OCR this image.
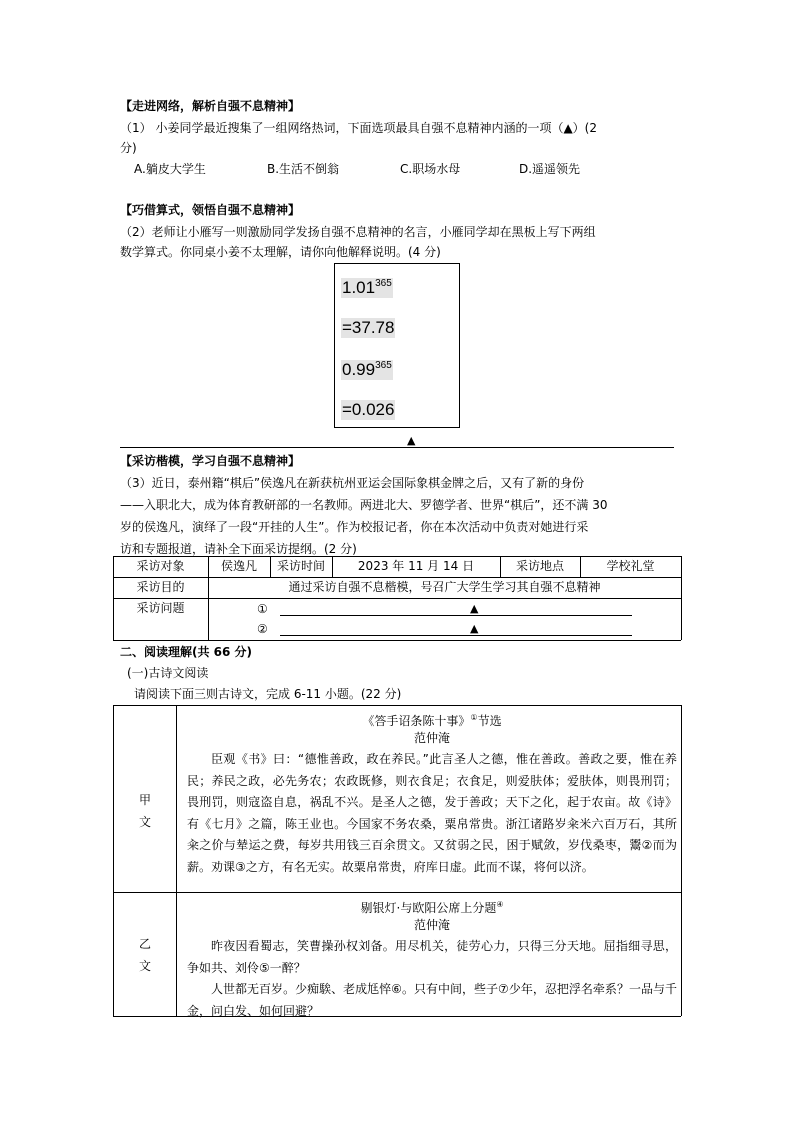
【走进网络，解析自强不息精神】
（1） 小姜同学最近搜集了一组网络热词，下面选项最具自强不息精神内涵的一项（▲）(2
分)
A.躺皮大学生	B.生活不倒翁	C.职场水母	D.遥遥领先
【巧借算式，领悟自强不息精神】
（2）老师让小雁写一则激励同学发扬自强不息精神的名言，小雁同学却在黑板上写下两组
数学算式。你同桌小姜不太理解，请你向他解释说明。(4 分)
$1.01^{365}$
=37.78
$0.99^{365}$
=0.026
▲
【采访楷模，学习自强不息精神】
（3）近日，泰州籍“棋后”侯逸凡在新获杭州亚运会国际象棋金牌之后，又有了新的身份
——入职北大，成为体育教研部的一名教师。两进北大、罗德学者、世界“棋后”，还不满 30
岁的侯逸凡，演绎了一段“开挂的人生”。作为校报记者，你在本次活动中负责对她进行采
访和专题报道，请补全下面采访提纲。(2 分)
采访对象	侯逸凡	采访时间	2023 年 11 月 14 日	采访地点	学校礼堂
采访目的	通过采访自强不息楷模，号召广大学生学习其自强不息精神
采访问题	①	▲
②	▲
二、阅读理解(共 66 分)
(一)古诗文阅读
请阅读下面三则古诗文，完成 6-11 小题。(22 分)
甲
文
《答手诏条陈十事》①节选
范仲淹

臣观《书》曰：“德惟善政，政在养民。”此言圣人之德，惟在善政。善政之要，惟在养民；养民之政，必先务农；农政既修，则衣食足；衣食足，则爱肤体；爱肤体，则畏刑罚；畏刑罚，则寇盗自息，祸乱不兴。是圣人之德，发于善政；天下之化，起于农亩。故《诗》有《七月》之篇，陈王业也。今国家不务农桑，粟帛常贵。浙江诸路岁籴米六百万石，其所籴之价与辇运之费，每岁共用钱三百余贯文。又贫弱之民，困于赋敛，岁伐桑枣，鬻②而为薪。劝课③之方，有名无实。故粟帛常贵，府库日虚。此而不谋，将何以济。

乙
文
剔银灯·与欧阳公席上分题④
范仲淹

昨夜因看蜀志，笑曹操孙权刘备。用尽机关，徒劳心力，只得三分天地。屈指细寻思，争如共、刘伶⑤一醉？

人世都无百岁。少痴騃、老成尪悴⑥。只有中间，些子⑦少年，忍把浮名牵系？一品与千金，问白发、如何回避？
